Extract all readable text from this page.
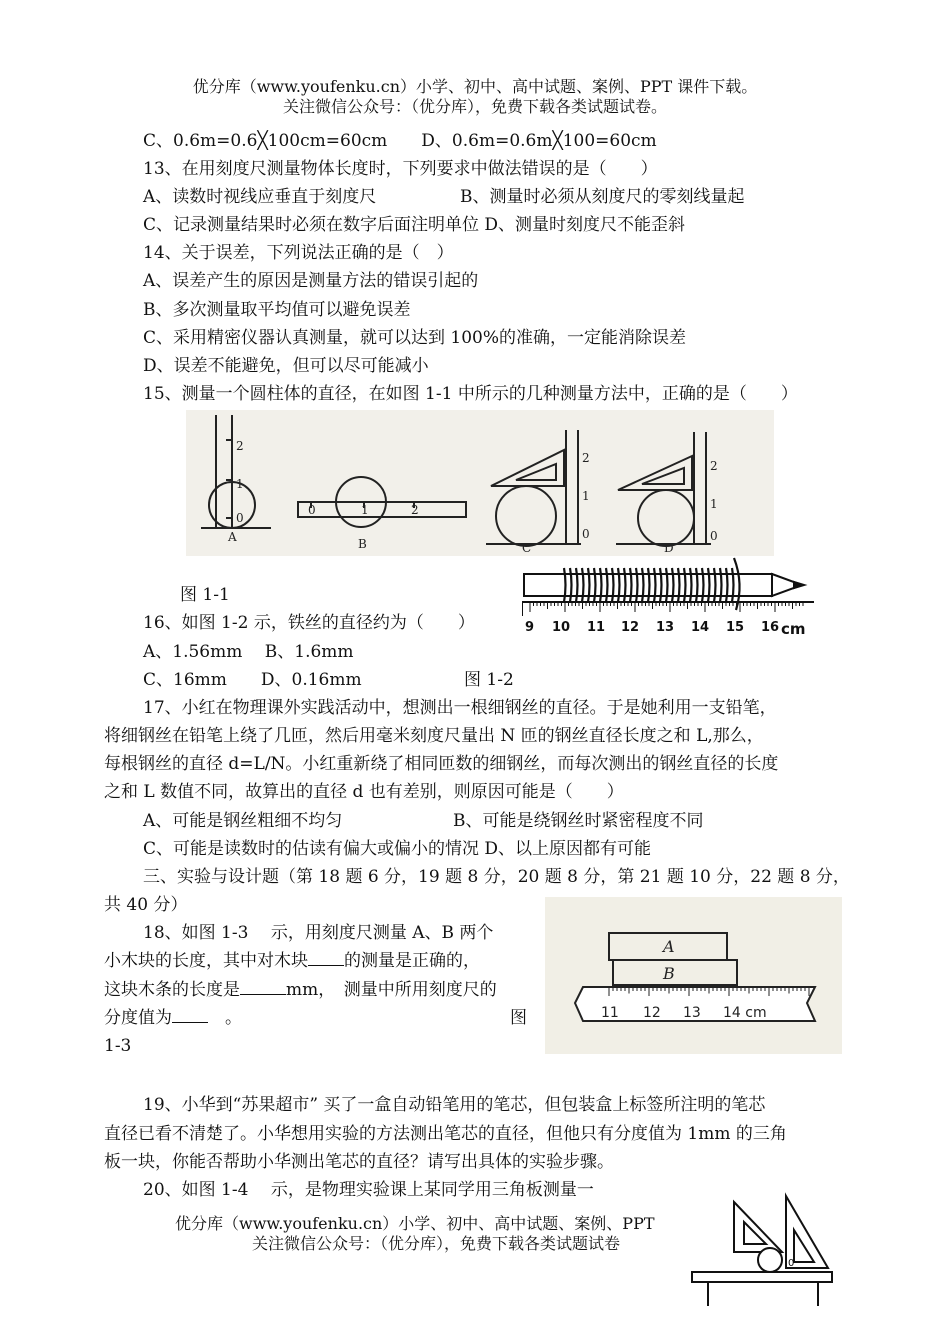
优分库（www.youfenku.cn）小学、初中、高中试题、案例、PPT 课件下载。
关注微信公众号：（优分库），免费下载各类试题试卷。
C、0.6m=0.6╳100cm=60cm　　D、0.6m=0.6m╳100=60cm
13、在用刻度尺测量物体长度时，下列要求中做法错误的是（　　）
A、读数时视线应垂直于刻度尺	B、测量时必须从刻度尺的零刻线量起
C、记录测量结果时必须在数字后面注明单位 D、测量时刻度尺不能歪斜
14、关于误差，下列说法正确的是（　）
A、误差产生的原因是测量方法的错误引起的
B、多次测量取平均值可以避免误差
C、采用精密仪器认真测量，就可以达到 100%的准确，一定能消除误差
D、误差不能避免，但可以尽可能减小
15、测量一个圆柱体的直径，在如图 1-1 中所示的几种测量方法中，正确的是（　　）
2
1
0
0	1	2
2
1
0
2
1
0
A	B	C	D
图 1-1
9 10 11 12 13 14 15 16 cm
16、如图 1-2 示，铁丝的直径约为（　　）
A、1.56mm　 B、1.6mm
C、16mm　　D、0.16mm	图 1-2
17、小红在物理课外实践活动中，想测出一根细钢丝的直径。于是她利用一支铅笔，
将细钢丝在铅笔上绕了几匝，然后用毫米刻度尺量出 N 匝的钢丝直径长度之和 L,那么，
每根钢丝的直径 d=L/N。小红重新绕了相同匝数的细钢丝，而每次测出的钢丝直径的长度
之和 L 数值不同，故算出的直径 d 也有差别，则原因可能是（　　）
A、可能是钢丝粗细不均匀	B、可能是绕钢丝时紧密程度不同
C、可能是读数时的估读有偏大或偏小的情况 D、以上原因都有可能
三、实验与设计题（第 18 题 6 分，19 题 8 分，20 题 8 分，第 21 题 10 分，22 题 8 分，
共 40 分）
18、如图 1-3　 示，用刻度尺测量 A、B 两个
小木块的长度，其中对木块 的测量是正确的，
这块木条的长度是	mm，　测量中所用刻度尺的
分度值为　。	图
1-3
A
B
11 12 13 14 cm
19、小华到“苏果超市” 买了一盒自动铅笔用的笔芯，但包装盒上标签所注明的笔芯
直径已看不清楚了。小华想用实验的方法测出笔芯的直径，但他只有分度值为 1mm 的三角
板一块，你能否帮助小华测出笔芯的直径？请写出具体的实验步骤。
20、如图 1-4　 示，是物理实验课上某同学用三角板测量一
优分库（www.youfenku.cn）小学、初中、高中试题、案例、PPT
关注微信公众号：（优分库），免费下载各类试题试卷
0
